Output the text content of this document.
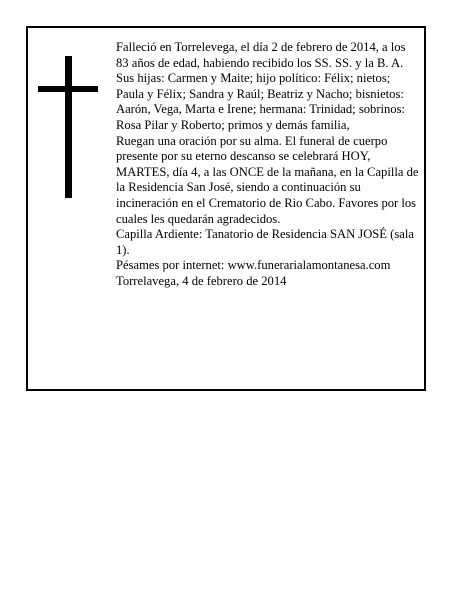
Falleció en Torrelevega, el día 2 de febrero de 2014, a los 83 años de edad, habiendo recibido los SS. SS. y la B. A.

Sus hijas: Carmen y Maite; hijo político: Félix; nietos; Paula y Félix; Sandra y Raúl; Beatriz y Nacho; bisnietos: Aarón, Vega, Marta e Irene; hermana: Trinidad; sobrinos: Rosa Pilar y Roberto; primos y demás familia,

Ruegan una oración por su alma. El funeral de cuerpo presente por su eterno descanso se celebrará HOY, MARTES, día 4, a las ONCE de la mañana, en la Capilla de la Residencia San José, siendo a continuación su incineración en el Crematorio de Rio Cabo. Favores por los cuales les quedarán agradecidos.

Capilla Ardiente: Tanatorio de Residencia SAN JOSÉ (sala 1).

Pésames por internet: www.funerarialamontanesa.com

Torrelavega, 4 de febrero de 2014
